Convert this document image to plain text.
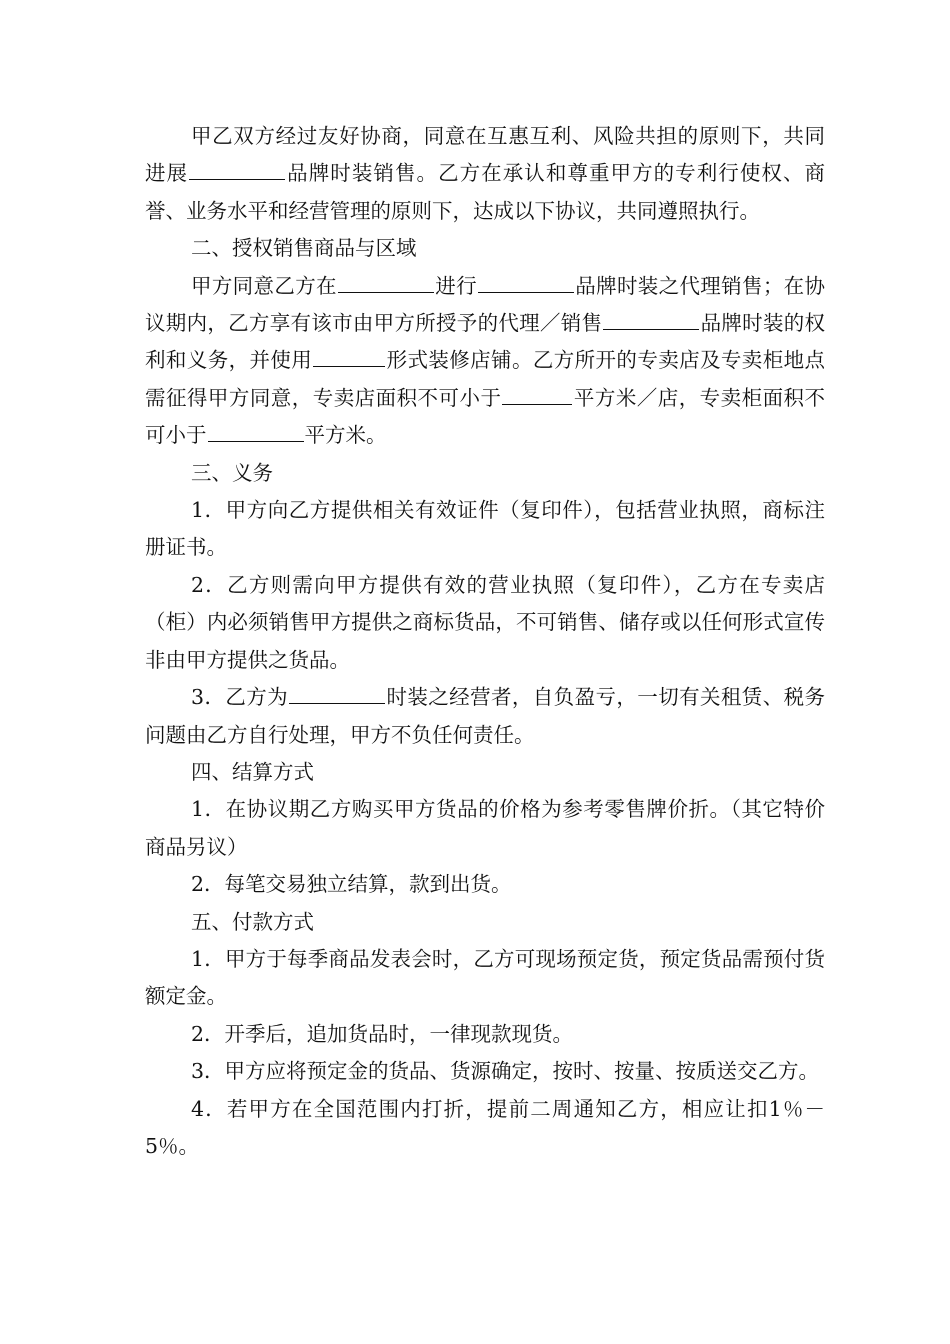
甲乙双方经过友好协商，同意在互惠互利、风险共担的原则下，共同进展	品牌时装销售。乙方在承认和尊重甲方的专利行使权、商誉、业务水平和经营管理的原则下，达成以下协议，共同遵照执行。

二、授权销售商品与区域

甲方同意乙方在	进行	品牌时装之代理销售；在协议期内，乙方享有该市由甲方所授予的代理／销售	品牌时装的权利和义务，并使用	形式装修店铺。乙方所开的专卖店及专卖柜地点需征得甲方同意，专卖店面积不可小于	平方米／店，专卖柜面积不可小于	平方米。

三、义务

1．甲方向乙方提供相关有效证件（复印件），包括营业执照，商标注册证书。

2．乙方则需向甲方提供有效的营业执照（复印件），乙方在专卖店（柜）内必须销售甲方提供之商标货品，不可销售、储存或以任何形式宣传非由甲方提供之货品。

3．乙方为	时装之经营者，自负盈亏，一切有关租赁、税务问题由乙方自行处理，甲方不负任何责任。

四、结算方式

1．在协议期乙方购买甲方货品的价格为参考零售牌价折。（其它特价商品另议）

2．每笔交易独立结算，款到出货。

五、付款方式

1．甲方于每季商品发表会时，乙方可现场预定货，预定货品需预付货额定金。

2．开季后，追加货品时，一律现款现货。

3．甲方应将预定金的货品、货源确定，按时、按量、按质送交乙方。

4．若甲方在全国范围内打折，提前二周通知乙方，相应让扣1％－5％。
